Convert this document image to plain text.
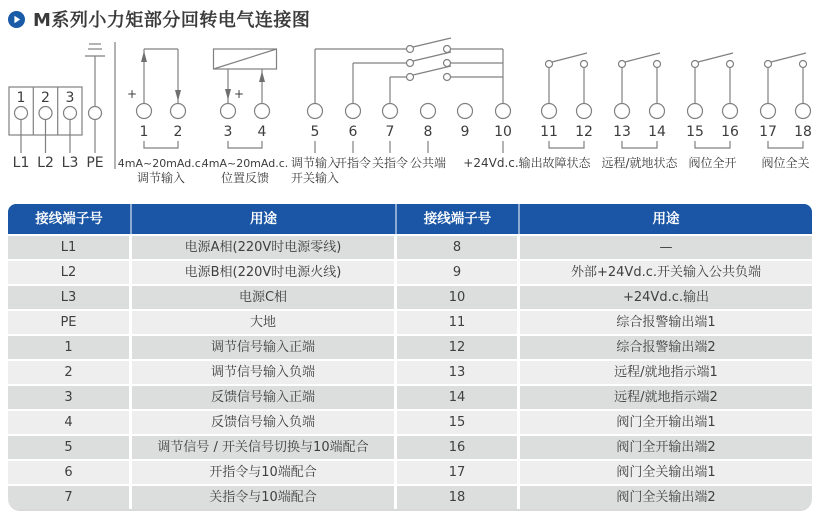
M系列小力矩部分回转电气连接图
1 2 3
L1 L2 L3 PE
+	+
1 2	3 4	5 6 7 8 9 10 11 12 13 14 15 16 17 18
4mA~20mAd.c.
调节输入
4mA~20mAd.c.
位置反馈
调节输入
开关输入
开指令 关指令 公共端 +24Vd.c.输出 故障状态 远程/就地状态 阀位全开 阀位全关
接线端子号	用途	接线端子号	用途
L1	电源A相(220V时电源零线)	8	—
L2	电源B相(220V时电源火线)	9	外部+24Vd.c.开关输入公共负端
L3	电源C相	10	+24Vd.c.输出
PE	大地	11	综合报警输出端1
1	调节信号输入正端	12	综合报警输出端2
2	调节信号输入负端	13	远程/就地指示端1
3	反馈信号输入正端	14	远程/就地指示端2
4	反馈信号输入负端	15	阀门全开输出端1
5	调节信号 / 开关信号切换与10端配合	16	阀门全开输出端2
6	开指令与10端配合	17	阀门全关输出端1
7	关指令与10端配合	18	阀门全关输出端2
